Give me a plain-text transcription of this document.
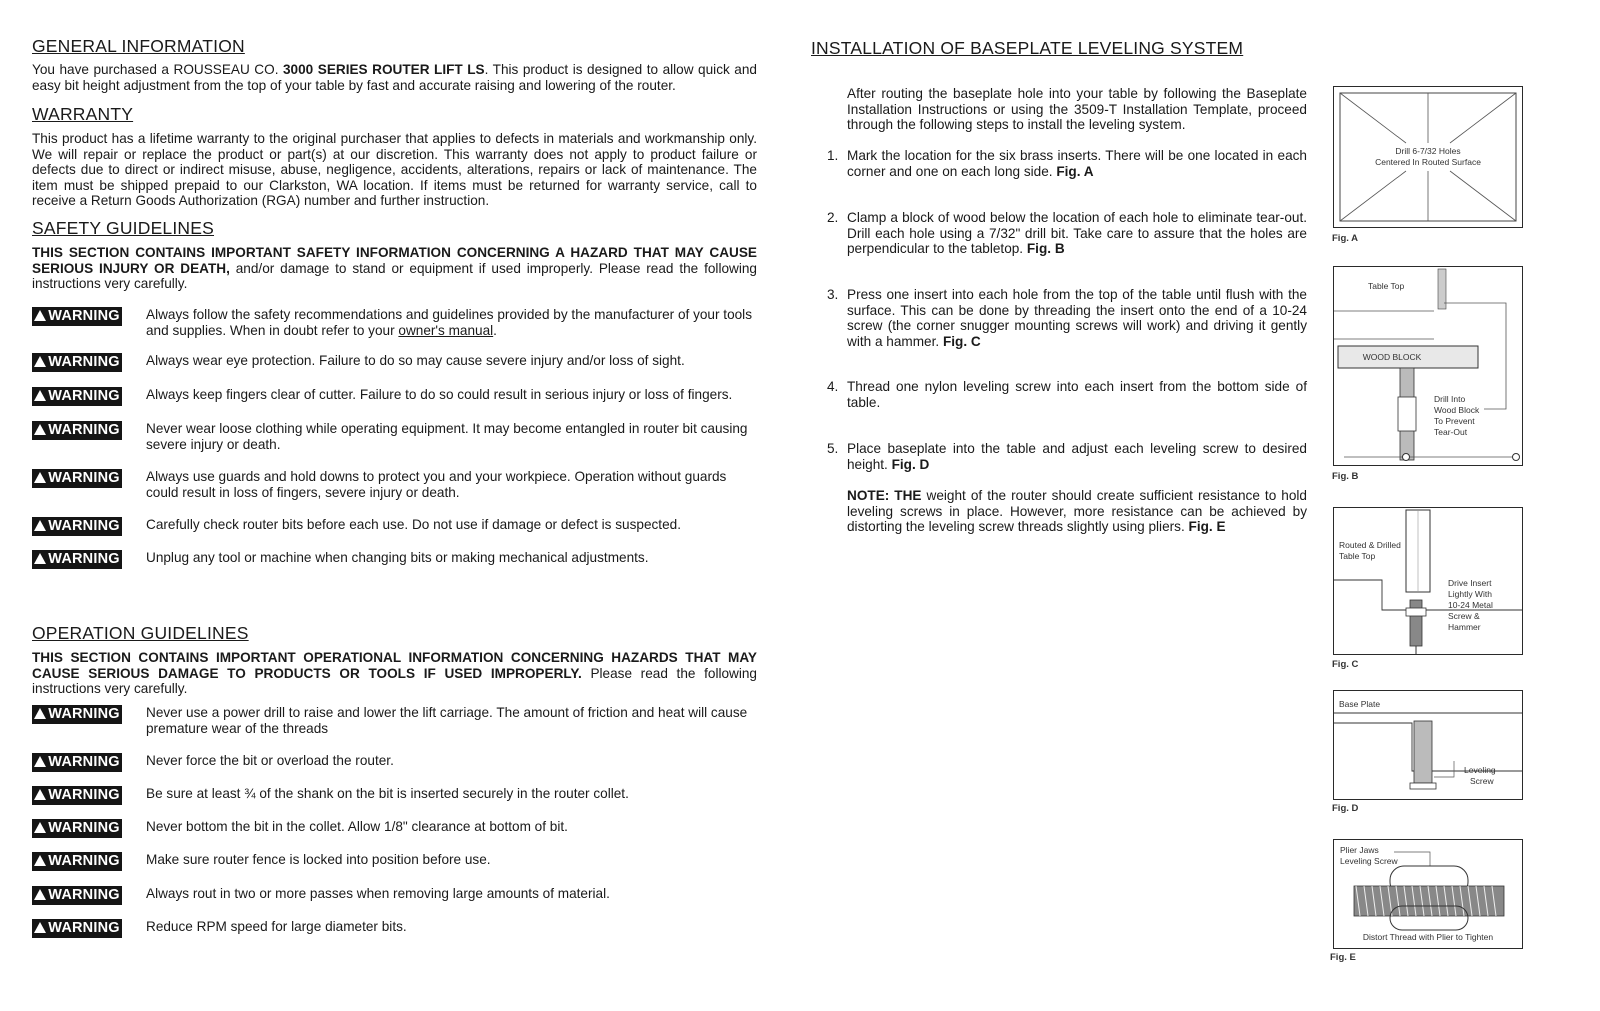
GENERAL INFORMATION

You have purchased a ROUSSEAU CO. 3000 SERIES ROUTER LIFT LS. This product is designed to allow quick and easy bit height adjustment from the top of your table by fast and accurate raising and lowering of the router.

WARRANTY

This product has a lifetime warranty to the original purchaser that applies to defects in materials and workmanship only. We will repair or replace the product or part(s) at our discretion. This warranty does not apply to product failure or defects due to direct or indirect misuse, abuse, negligence, accidents, alterations, repairs or lack of maintenance. The item must be shipped prepaid to our Clarkston, WA location. If items must be returned for warranty service, call to receive a Return Goods Authorization (RGA) number and further instruction.

SAFETY GUIDELINES

THIS SECTION CONTAINS IMPORTANT SAFETY INFORMATION CONCERNING A HAZARD THAT MAY CAUSE SERIOUS INJURY OR DEATH, and/or damage to stand or equipment if used improperly. Please read the following instructions very carefully.

WARNING Always follow the safety recommendations and guidelines provided by the manufacturer of your tools and supplies. When in doubt refer to your owner's manual.
WARNING Always wear eye protection. Failure to do so may cause severe injury and/or loss of sight.
WARNING Always keep fingers clear of cutter. Failure to do so could result in serious injury or loss of fingers.
WARNING Never wear loose clothing while operating equipment. It may become entangled in router bit causing severe injury or death.
WARNING Always use guards and hold downs to protect you and your workpiece. Operation without guards could result in loss of fingers, severe injury or death.
WARNING Carefully check router bits before each use. Do not use if damage or defect is suspected.
WARNING Unplug any tool or machine when changing bits or making mechanical adjustments.
OPERATION GUIDELINES

THIS SECTION CONTAINS IMPORTANT OPERATIONAL INFORMATION CONCERNING HAZARDS THAT MAY CAUSE SERIOUS DAMAGE TO PRODUCTS OR TOOLS IF USED IMPROPERLY. Please read the following instructions very carefully.

WARNING Never use a power drill to raise and lower the lift carriage. The amount of friction and heat will cause premature wear of the threads
WARNING Never force the bit or overload the router.
WARNING Be sure at least ¾ of the shank on the bit is inserted securely in the router collet.
WARNING Never bottom the bit in the collet. Allow 1/8" clearance at bottom of bit.
WARNING Make sure router fence is locked into position before use.
WARNING Always rout in two or more passes when removing large amounts of material.
WARNING Reduce RPM speed for large diameter bits.
INSTALLATION OF BASEPLATE LEVELING SYSTEM

After routing the baseplate hole into your table by following the Baseplate Installation Instructions or using the 3509-T Installation Template, proceed through the following steps to install the leveling system.

1. Mark the location for the six brass inserts. There will be one located in each corner and one on each long side. Fig. A
2. Clamp a block of wood below the location of each hole to eliminate tear-out. Drill each hole using a 7/32" drill bit. Take care to assure that the holes are perpendicular to the tabletop. Fig. B
3. Press one insert into each hole from the top of the table until flush with the surface. This can be done by threading the insert onto the end of a 10-24 screw (the corner snugger mounting screws will work) and driving it gently with a hammer. Fig. C
4. Thread one nylon leveling screw into each insert from the bottom side of table.
5. Place baseplate into the table and adjust each leveling screw to desired height. Fig. D

NOTE: THE weight of the router should create sufficient resistance to hold leveling screws in place. However, more resistance can be achieved by distorting the leveling screw threads slightly using pliers. Fig. E

Drill 6-7/32 Holes
Centered In Routed Surface
Fig. A
Table Top
WOOD BLOCK
Drill Into
Wood Block
To Prevent
Tear-Out
Fig. B
Routed & Drilled
Table Top
Drive Insert
Lightly With
10-24 Metal
Screw &
Hammer
Fig. C
Base Plate
Leveling
Screw
Fig. D
Plier Jaws
Leveling Screw
Distort Thread with Plier to Tighten
Fig. E
